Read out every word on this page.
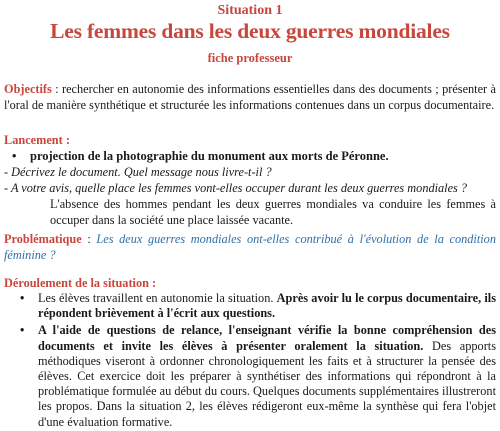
Situation 1
Les femmes dans les deux guerres mondiales
fiche professeur
Objectifs : rechercher en autonomie des informations essentielles dans des documents ; présenter à l'oral de manière synthétique et structurée les informations contenues dans un corpus documentaire.
Lancement :
• projection de la photographie du monument aux morts de Péronne.
- Décrivez le document. Quel message nous livre-t-il ?
- A votre avis, quelle place les femmes vont-elles occuper durant les deux guerres mondiales ?
L'absence des hommes pendant les deux guerres mondiales va conduire les femmes à occuper dans la société une place laissée vacante.
Problématique : Les deux guerres mondiales ont-elles contribué à l'évolution de la condition féminine ?
Déroulement de la situation :
• Les élèves travaillent en autonomie la situation. Après avoir lu le corpus documentaire, ils répondent brièvement à l'écrit aux questions.
• A l'aide de questions de relance, l'enseignant vérifie la bonne compréhension des documents et invite les élèves à présenter oralement la situation. Des apports méthodiques viseront à ordonner chronologiquement les faits et à structurer la pensée des élèves. Cet exercice doit les préparer à synthétiser des informations qui répondront à la problématique formulée au début du cours. Quelques documents supplémentaires illustreront les propos. Dans la situation 2, les élèves rédigeront eux-même la synthèse qui fera l'objet d'une évaluation formative.
